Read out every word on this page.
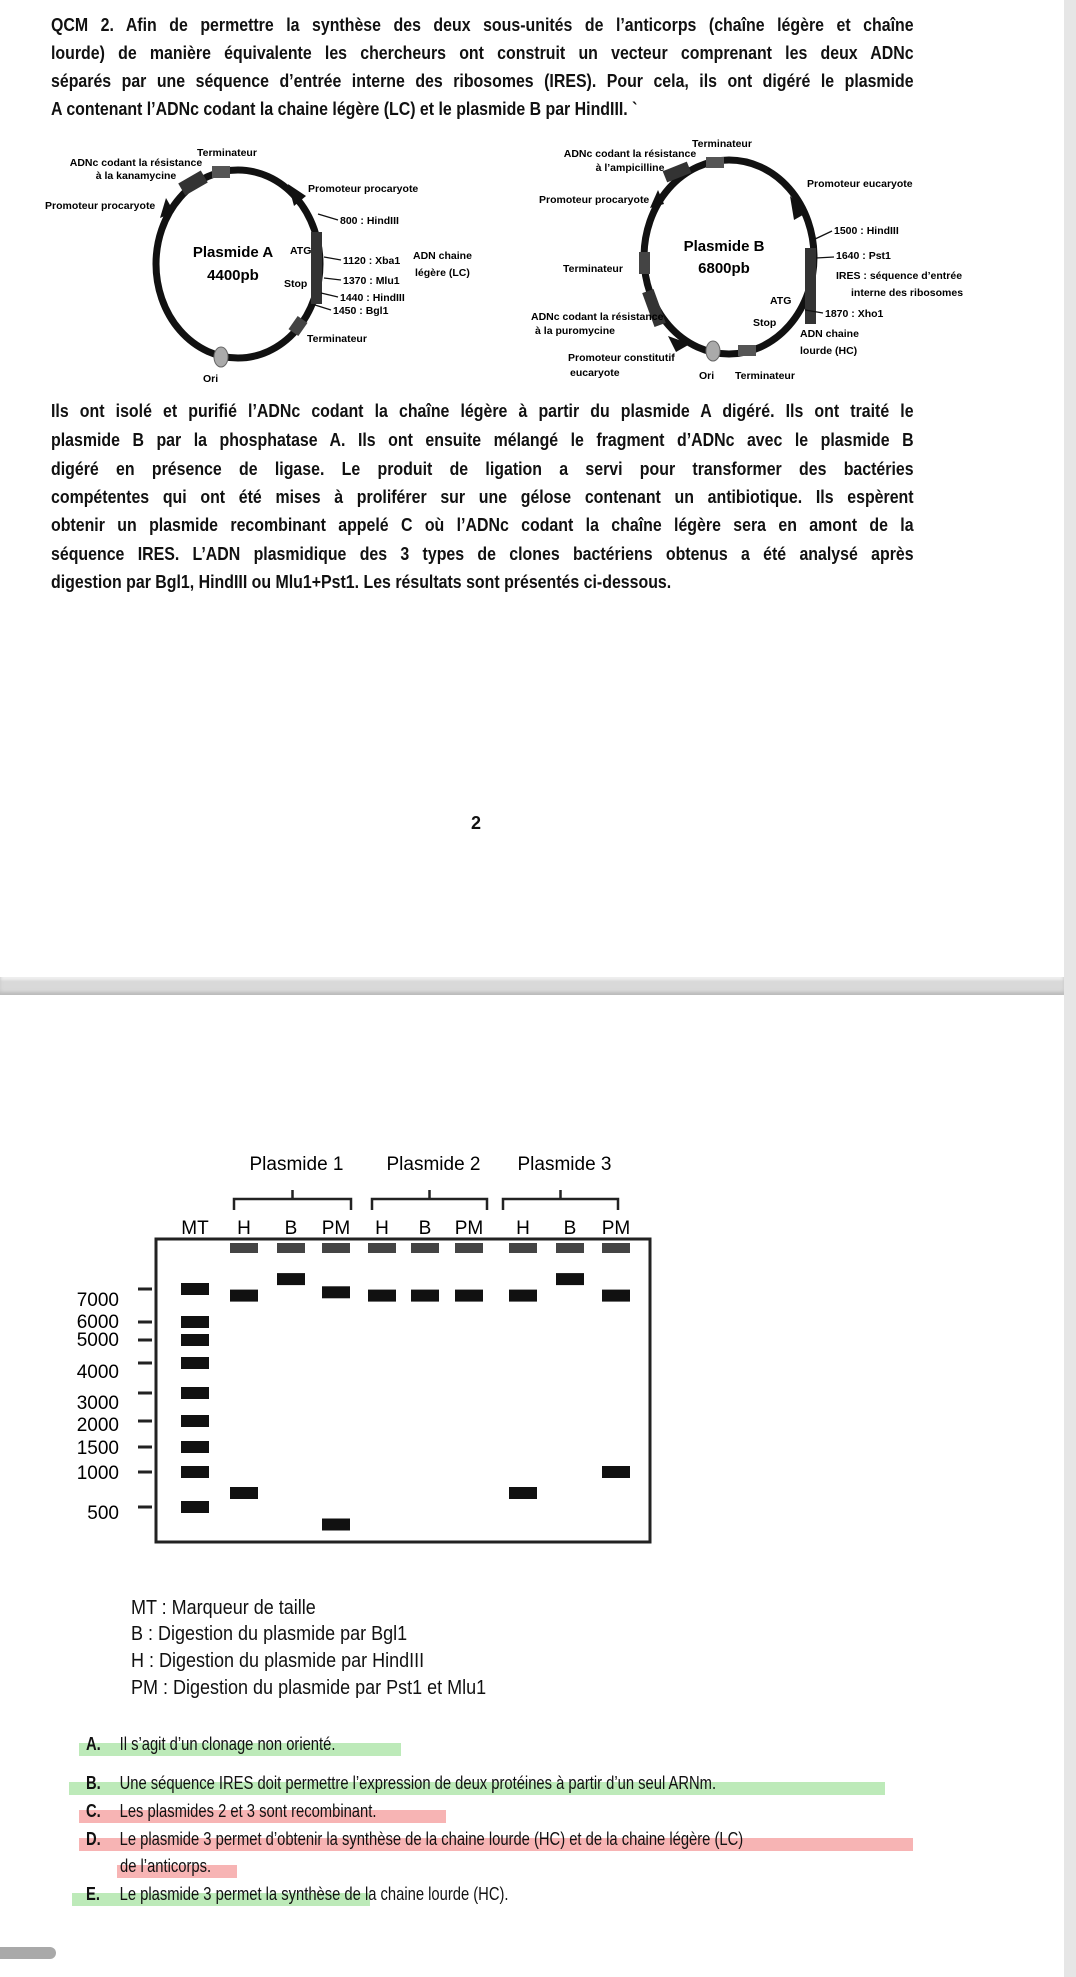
QCM 2. Afin de permettre la synthèse des deux sous-unités de l’anticorps (chaîne légère et chaîne
lourde) de manière équivalente les chercheurs ont construit un vecteur comprenant les deux ADNc
séparés par une séquence d’entrée interne des ribosomes (IRES). Pour cela, ils ont digéré le plasmide
A contenant l’ADNc codant la chaine légère (LC) et le plasmide B par HindIII. `
Terminateur
ADNc codant la résistance
à la kanamycine
Promoteur procaryote
Promoteur procaryote
800 : HindIII
ATG
Plasmide A
4400pb
1120 : Xba1 ADN chaine
légère (LC)
Stop	1370 : Mlu1
1440 : HindIII
1450 : Bgl1
Terminateur
Ori
Terminateur
ADNc codant la résistance
à l’ampicilline
Promoteur eucaryote
Promoteur procaryote
1500 : HindIII
Plasmide B
6800pb
1640 : Pst1
Terminateur
IRES : séquence d’entrée
interne des ribosomes
ATG
1870 : Xho1
ADNc codant la résistance
à la puromycine
Stop
ADN chaine
lourde (HC)
Promoteur constitutif
eucaryote	Ori Terminateur
Ils ont isolé et purifié l’ADNc codant la chaîne légère à partir du plasmide A digéré. Ils ont traité le
plasmide B par la phosphatase A. Ils ont ensuite mélangé le fragment d’ADNc avec le plasmide B
digéré en présence de ligase. Le produit de ligation a servi pour transformer des bactéries
compétentes qui ont été mises à proliférer sur une gélose contenant un antibiotique. Ils espèrent
obtenir un plasmide recombinant appelé C où l’ADNc codant la chaîne légère sera en amont de la
séquence IRES. L’ADN plasmidique des 3 types de clones bactériens obtenus a été analysé après
digestion par Bgl1, HindIII ou Mlu1+Pst1. Les résultats sont présentés ci-dessous.
2
Plasmide 1 Plasmide 2 Plasmide 3
MT H B PM H B PM H B PM
7000
6000
5000
4000
3000
2000
1500
1000
500
MT : Marqueur de taille
B : Digestion du plasmide par Bgl1
H : Digestion du plasmide par HindIII
PM : Digestion du plasmide par Pst1 et Mlu1
A. Il s’agit d’un clonage non orienté.
B. Une séquence IRES doit permettre l’expression de deux protéines à partir d’un seul ARNm.
C. Les plasmides 2 et 3 sont recombinant.
D. Le plasmide 3 permet d’obtenir la synthèse de la chaine lourde (HC) et de la chaine légère (LC)
de l’anticorps.
E. Le plasmide 3 permet la synthèse de la chaine lourde (HC).
